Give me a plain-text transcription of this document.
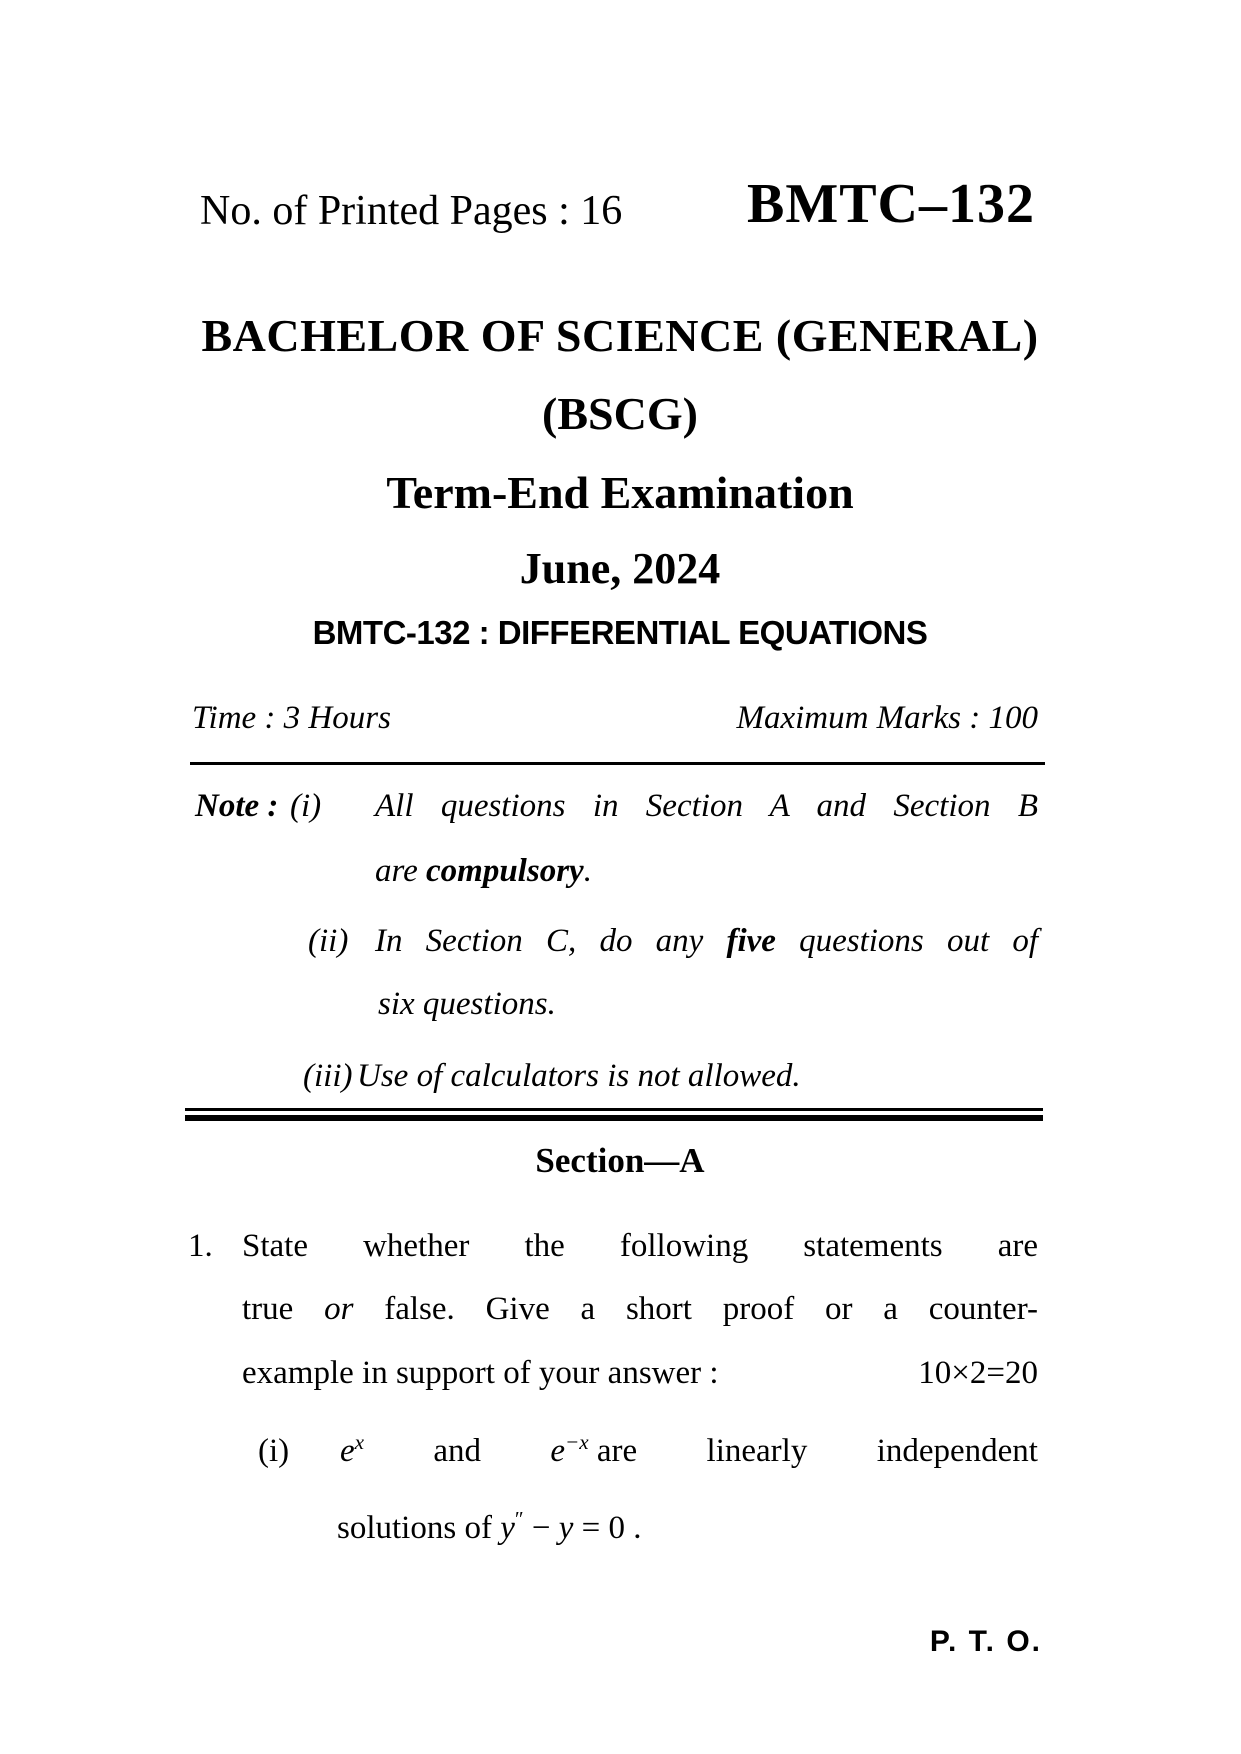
No. of Printed Pages : 16 BMTC–132
BACHELOR OF SCIENCE (GENERAL)
(BSCG)
Term-End Examination
June, 2024
BMTC-132 : DIFFERENTIAL EQUATIONS
Time : 3 Hours	Maximum Marks : 100
Note : (i) All questions in Section A and Section B
are compulsory.
(ii) In Section C, do any five questions out of
six questions.
(iii) Use of calculators is not allowed.
Section—A
1. State whether the following statements are
true or false. Give a short proof or a counter-
example in support of your answer :	10×2=20
(i) $e^x$ and $e^{-x}$ are linearly independent
solutions of y″ − y = 0 .
P. T. O.
